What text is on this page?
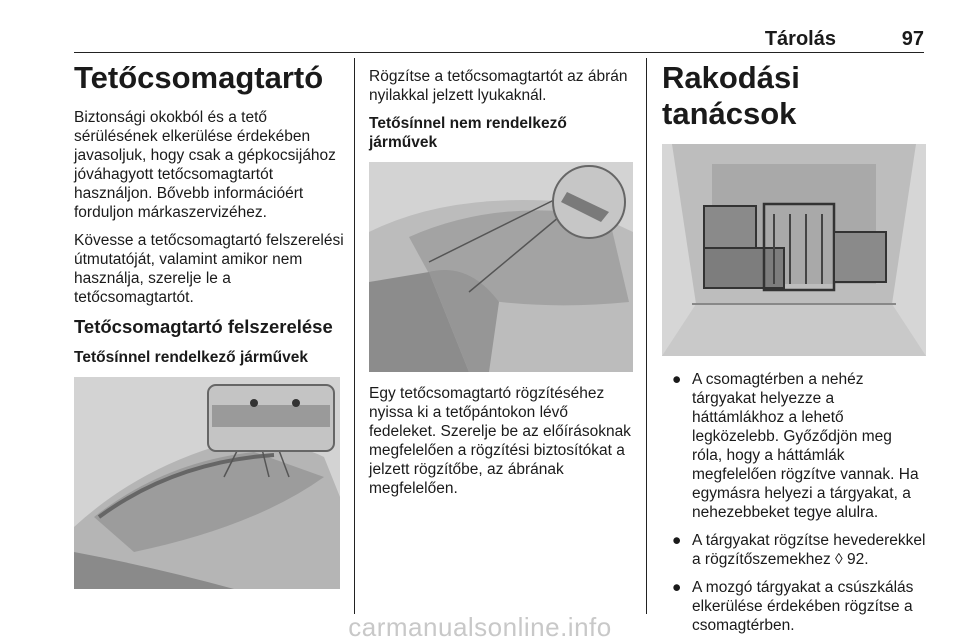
Tárolás	97
Tetőcsomagtartó

Biztonsági okokból és a tető sérülésének elkerülése érdekében javasoljuk, hogy csak a gépkocsijához jóváhagyott tetőcsomagtartót használjon. Bővebb információért forduljon márkaszervizéhez.

Kövesse a tetőcsomagtartó felszerelési útmutatóját, valamint amikor nem használja, szerelje le a tetőcsomagtartót.

Tetőcsomagtartó felszerelése
Tetősínnel rendelkező járművek

Rögzítse a tetőcsomagtartót az ábrán nyilakkal jelzett lyukaknál.

Tetősínnel nem rendelkező járművek

Egy tetőcsomagtartó rögzítéséhez nyissa ki a tetőpántokon lévő fedeleket. Szerelje be az előírásoknak megfelelően a rögzítési biztosítókat a jelzett rögzítőbe, az ábrának megfelelően.

Rakodási tanácsok
● A csomagtérben a nehéz tárgyakat helyezze a háttámlákhoz a lehető legközelebb. Győződjön meg róla, hogy a háttámlák megfelelően rögzítve vannak. Ha egymásra helyezi a tárgyakat, a nehezebbeket tegye alulra.
● A tárgyakat rögzítse hevederekkel a rögzítőszemekhez ◊ 92.
● A mozgó tárgyakat a csúszkálás elkerülése érdekében rögzítse a csomagtérben.
carmanualsonline.info
